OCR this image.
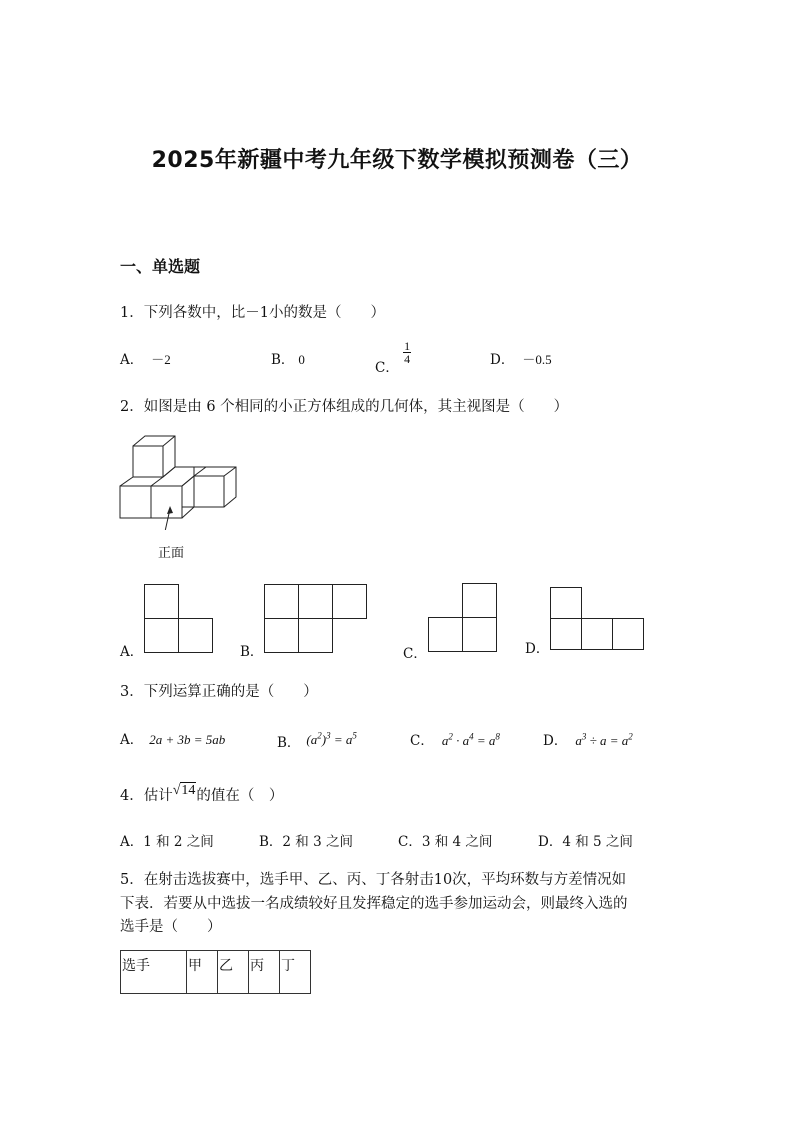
2025年新疆中考九年级下数学模拟预测卷（三）
一、单选题
1．下列各数中，比－1小的数是（　　）
A． －2	B． 0
C．
$\frac{1}{4}$	D． －0.5
2．如图是由 6 个相同的小正方体组成的几何体，其主视图是（　　）
正面
A．	B．	C．	D．
3．下列运算正确的是（　　）
A． 2a + 3b = 5ab	B． $(a^2)^3 = a^5$	C． $a^2 \cdot a^4 = a^8$	D． $a^3 \div a = a^2$
4．估计√14的值在（　）
A．1 和 2 之间	B．2 和 3 之间	C．3 和 4 之间	D．4 和 5 之间
5．在射击选拔赛中，选手甲、乙、丙、丁各射击10次，平均环数与方差情况如
下表．若要从中选拔一名成绩较好且发挥稳定的选手参加运动会，则最终入选的
选手是（　　）
选手	甲	乙	丙	丁
